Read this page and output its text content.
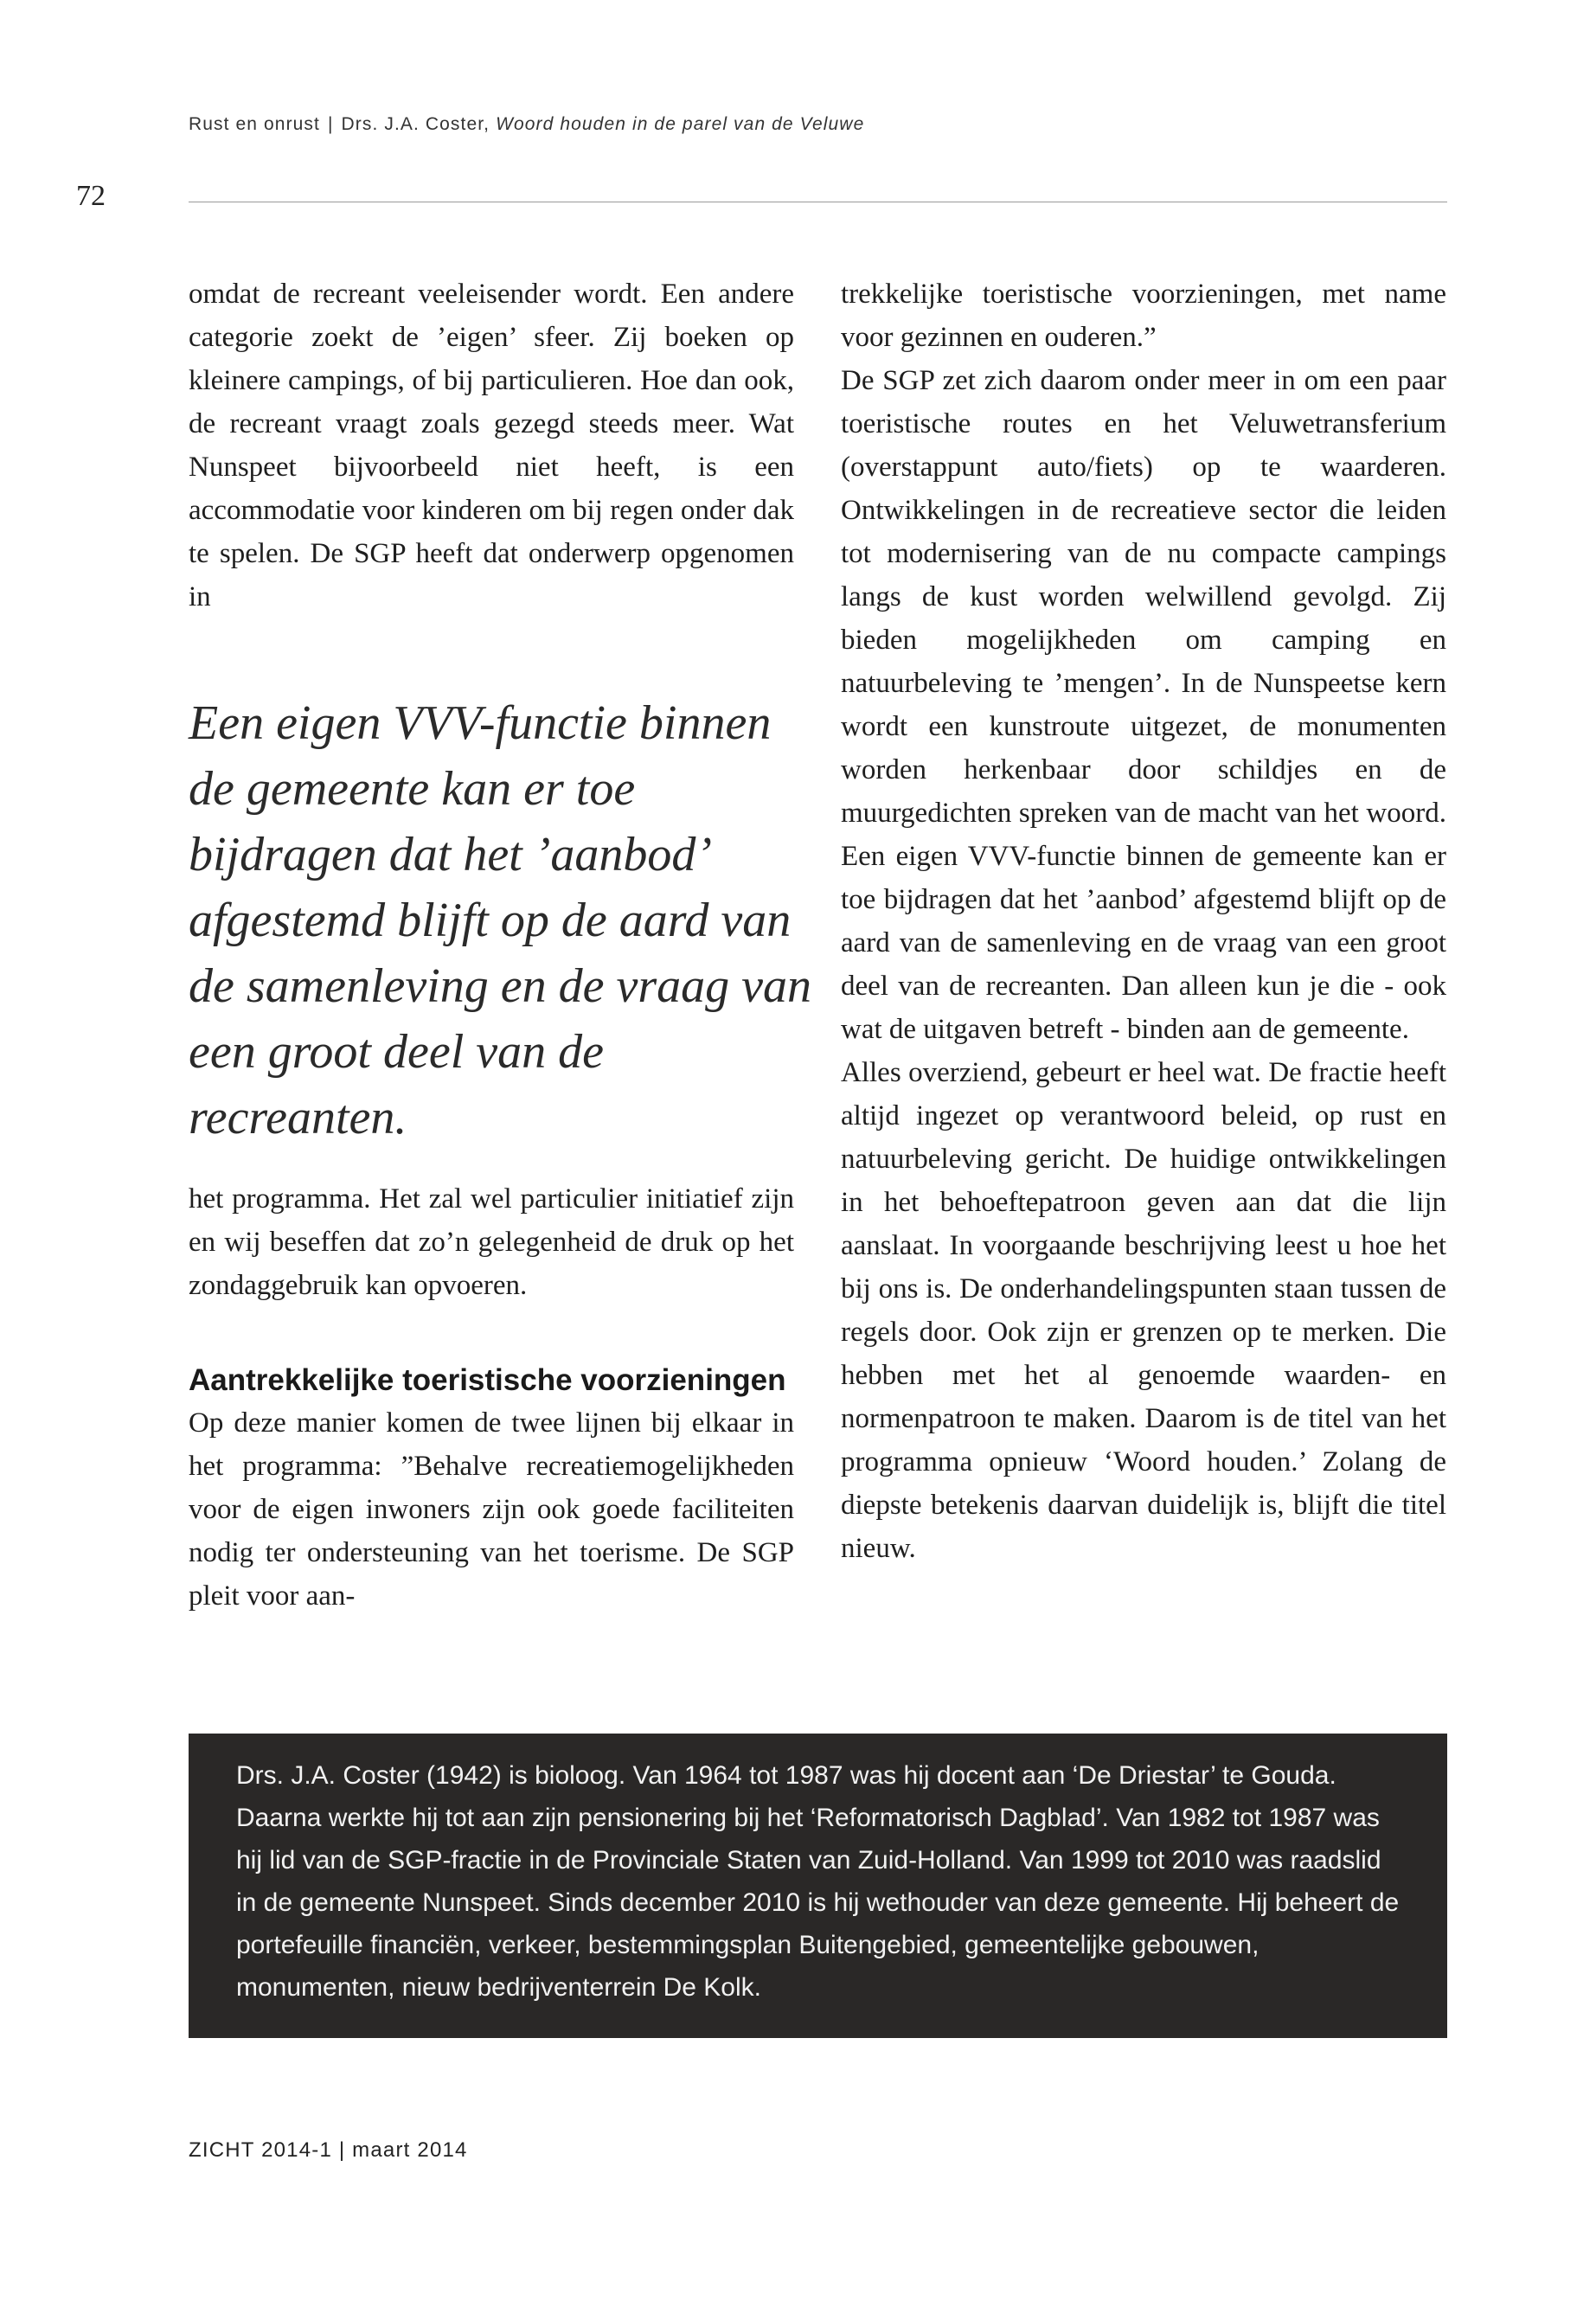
Rust en onrust | Drs. J.A. Coster, Woord houden in de parel van de Veluwe
72

omdat de recreant veeleisender wordt. Een andere categorie zoekt de ’eigen’ sfeer. Zij boeken op kleinere campings, of bij particulieren. Hoe dan ook, de recreant vraagt zoals gezegd steeds meer. Wat Nunspeet bijvoorbeeld niet heeft, is een accommodatie voor kinderen om bij regen onder dak te spelen. De SGP heeft dat onderwerp opgenomen in

Een eigen VVV-functie binnen de gemeente kan er toe bijdragen dat het ’aanbod’ afgestemd blijft op de aard van de samenleving en de vraag van een groot deel van de recreanten.

het programma. Het zal wel particulier initiatief zijn en wij beseffen dat zo’n gelegenheid de druk op het zondaggebruik kan opvoeren.

Aantrekkelijke toeristische voorzieningen

Op deze manier komen de twee lijnen bij elkaar in het programma: ”Behalve recreatiemogelijkheden voor de eigen inwoners zijn ook goede faciliteiten nodig ter ondersteuning van het toerisme. De SGP pleit voor aan-

trekkelijke toeristische voorzieningen, met name voor gezinnen en ouderen.”

De SGP zet zich daarom onder meer in om een paar toeristische routes en het Veluwetransferium (overstappunt auto/fiets) op te waarderen. Ontwikkelingen in de recreatieve sector die leiden tot modernisering van de nu compacte campings langs de kust worden welwillend gevolgd. Zij bieden mogelijkheden om camping en natuurbeleving te ’mengen’. In de Nunspeetse kern wordt een kunstroute uitgezet, de monumenten worden herkenbaar door schildjes en de muurgedichten spreken van de macht van het woord. Een eigen VVV-functie binnen de gemeente kan er toe bijdragen dat het ’aanbod’ afgestemd blijft op de aard van de samenleving en de vraag van een groot deel van de recreanten. Dan alleen kun je die - ook wat de uitgaven betreft - binden aan de gemeente.

Alles overziend, gebeurt er heel wat. De fractie heeft altijd ingezet op verantwoord beleid, op rust en natuurbeleving gericht. De huidige ontwikkelingen in het behoeftepatroon geven aan dat die lijn aanslaat. In voorgaande beschrijving leest u hoe het bij ons is. De onderhandelingspunten staan tussen de regels door. Ook zijn er grenzen op te merken. Die hebben met het al genoemde waarden- en normenpatroon te maken. Daarom is de titel van het programma opnieuw ‘Woord houden.’ Zolang de diepste betekenis daarvan duidelijk is, blijft die titel nieuw.

Drs. J.A. Coster (1942) is bioloog. Van 1964 tot 1987 was hij docent aan ‘De Driestar’ te Gouda. Daarna werkte hij tot aan zijn pensionering bij het ‘Reformatorisch Dagblad’. Van 1982 tot 1987 was hij lid van de SGP-fractie in de Provinciale Staten van Zuid-Holland. Van 1999 tot 2010 was raadslid in de gemeente Nunspeet. Sinds december 2010 is hij wethouder van deze gemeente. Hij beheert de portefeuille financiën, verkeer, bestemmingsplan Buitengebied, gemeentelijke gebouwen, monumenten, nieuw bedrijventerrein De Kolk.

ZICHT 2014-1 | maart 2014
